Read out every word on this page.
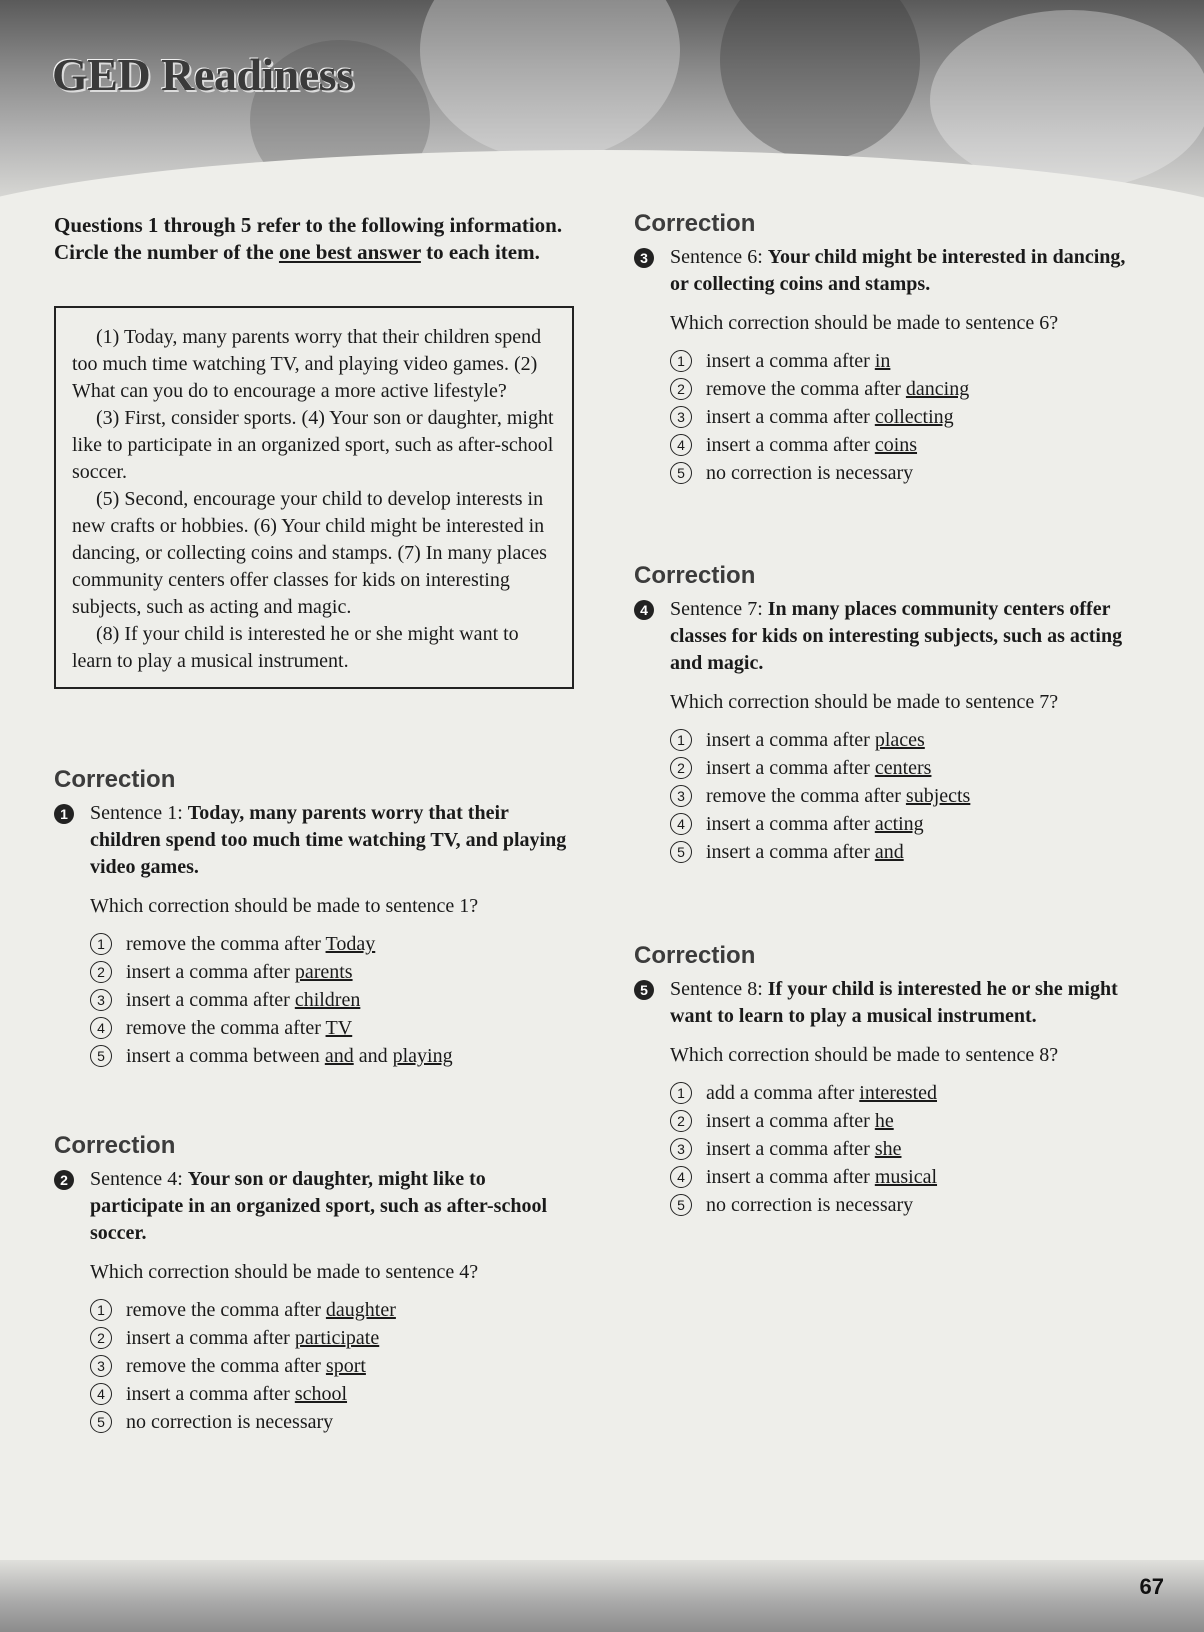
GED Readiness

Questions 1 through 5 refer to the following information. Circle the number of the one best answer to each item.

(1) Today, many parents worry that their children spend too much time watching TV, and playing video games. (2) What can you do to encourage a more active lifestyle?

(3) First, consider sports. (4) Your son or daughter, might like to participate in an organized sport, such as after-school soccer.

(5) Second, encourage your child to develop interests in new crafts or hobbies. (6) Your child might be interested in dancing, or collecting coins and stamps. (7) In many places community centers offer classes for kids on interesting subjects, such as acting and magic.

(8) If your child is interested he or she might want to learn to play a musical instrument.

Correction
1	Sentence 1: Today, many parents worry that their children spend too much time watching TV, and playing video games.
Which correction should be made to sentence 1?
1	remove the comma after Today
2	insert a comma after parents
3	insert a comma after children
4	remove the comma after TV
5	insert a comma between and and playing
Correction
2	Sentence 4: Your son or daughter, might like to participate in an organized sport, such as after-school soccer.
Which correction should be made to sentence 4?
1	remove the comma after daughter
2	insert a comma after participate
3	remove the comma after sport
4	insert a comma after school
5	no correction is necessary
Correction
3	Sentence 6: Your child might be interested in dancing, or collecting coins and stamps.
Which correction should be made to sentence 6?
1	insert a comma after in
2	remove the comma after dancing
3	insert a comma after collecting
4	insert a comma after coins
5	no correction is necessary
Correction
4	Sentence 7: In many places community centers offer classes for kids on interesting subjects, such as acting and magic.
Which correction should be made to sentence 7?
1	insert a comma after places
2	insert a comma after centers
3	remove the comma after subjects
4	insert a comma after acting
5	insert a comma after and
Correction
5	Sentence 8: If your child is interested he or she might want to learn to play a musical instrument.
Which correction should be made to sentence 8?
1	add a comma after interested
2	insert a comma after he
3	insert a comma after she
4	insert a comma after musical
5	no correction is necessary

67
